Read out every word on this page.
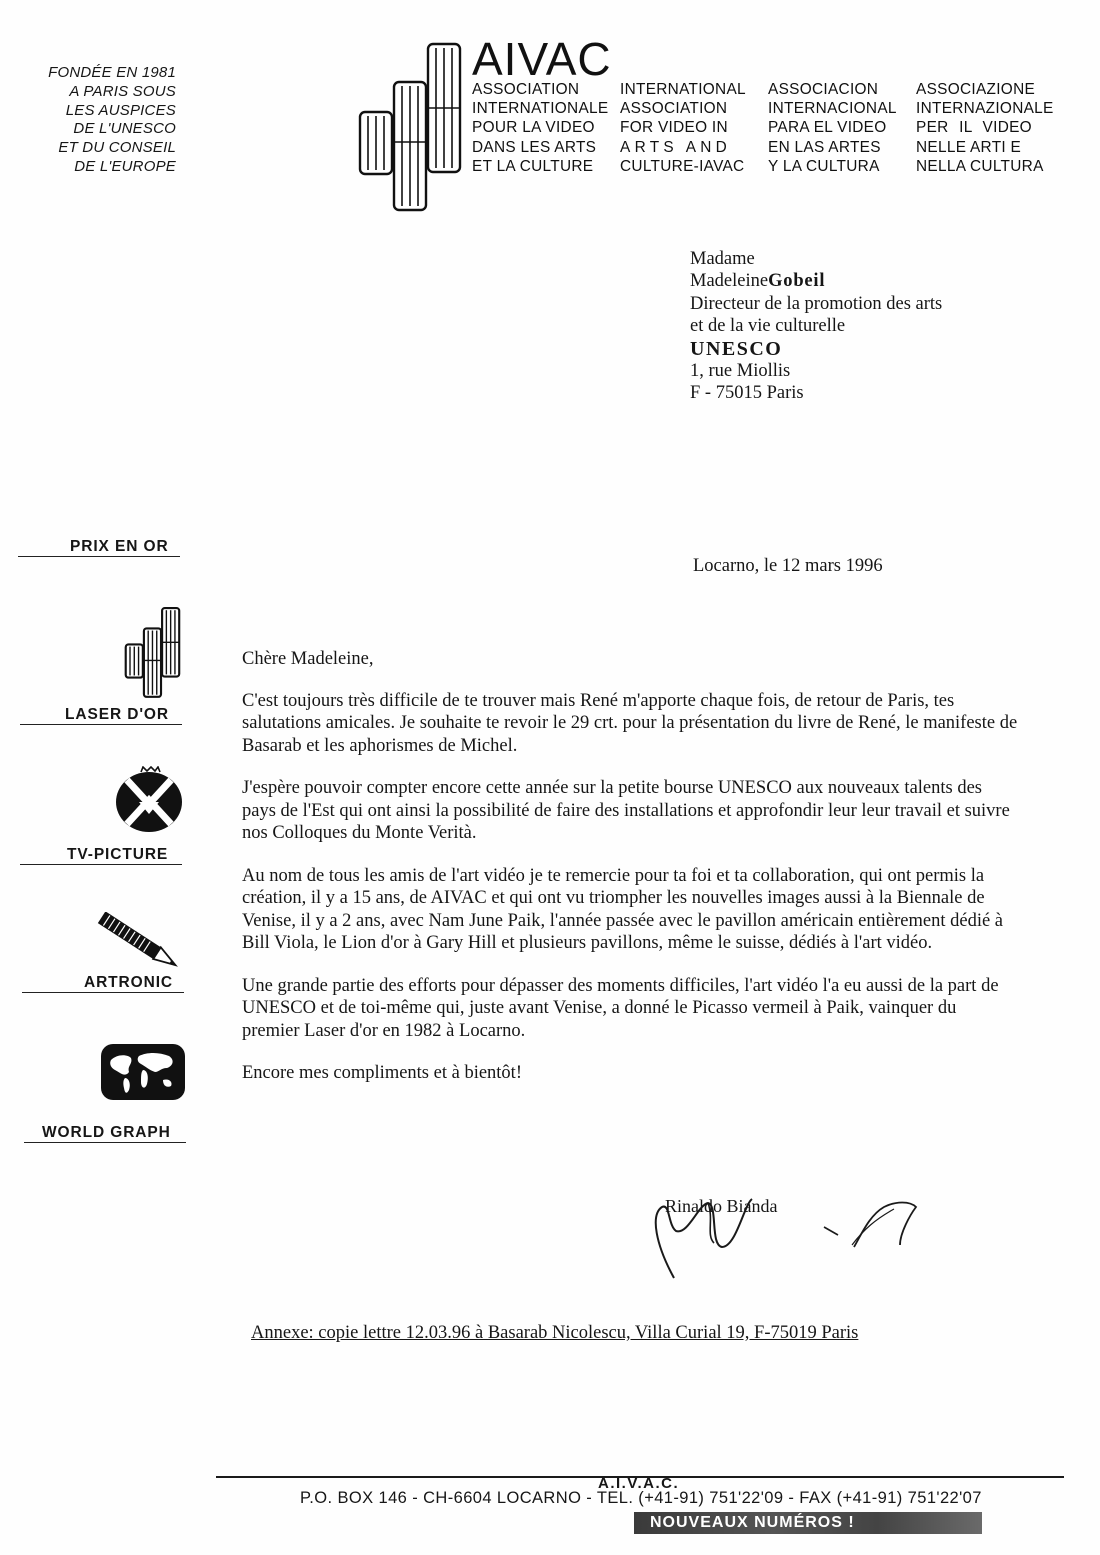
FONDÉE EN 1981
A PARIS SOUS
LES AUSPICES
DE L'UNESCO
ET DU CONSEIL
DE L'EUROPE
AIVAC
ASSOCIATION
INTERNATIONALE
POUR LA VIDEO
DANS LES ARTS
ET LA CULTURE
INTERNATIONAL
ASSOCIATION
FOR VIDEO IN
ARTS AND
CULTURE-IAVAC
ASSOCIACION
INTERNACIONAL
PARA EL VIDEO
EN LAS ARTES
Y LA CULTURA
ASSOCIAZIONE
INTERNAZIONALE
PER IL VIDEO
NELLE ARTI E
NELLA CULTURA
Madame
MadeleineGobeil
Directeur de la promotion des arts
et de la vie culturelle
UNESCO
1, rue Miollis
F - 75015 Paris
PRIX EN OR
LASER D'OR
TV-PICTURE
ARTRONIC
WORLD GRAPH
Locarno, le 12 mars 1996

Chère Madeleine,

C'est toujours très difficile de te trouver mais René m'apporte chaque fois, de retour de Paris, tes salutations amicales. Je souhaite te revoir le 29 crt. pour la présentation du livre de René, le manifeste de Basarab et les aphorismes de Michel.

J'espère pouvoir compter encore cette année sur la petite bourse UNESCO aux nouveaux talents des pays de l'Est qui ont ainsi la possibilité de faire des installations et approfondir leur leur travail et suivre nos Colloques du Monte Verità.

Au nom de tous les amis de l'art vidéo je te remercie pour ta foi et ta collaboration, qui ont permis la création, il y a 15 ans, de AIVAC et qui ont vu triompher les nouvelles images aussi à la Biennale de Venise, il y a 2 ans, avec Nam June Paik, l'année passée avec le pavillon américain entièrement dédié à Bill Viola, le Lion d'or à Gary Hill et plusieurs pavillons, même le suisse, dédiés à l'art vidéo.

Une grande partie des efforts pour dépasser des moments difficiles, l'art vidéo l'a eu aussi de la part de UNESCO et de toi-même qui, juste avant Venise, a donné le Picasso vermeil à Paik, vainquer du premier Laser d'or en 1982 à Locarno.

Encore mes compliments et à bientôt!

Rinaldo Bianda
Annexe: copie lettre 12.03.96 à Basarab Nicolescu, Villa Curial 19, F-75019 Paris
A.I.V.A.C.
P.O. BOX 146 - CH-6604 LOCARNO - TEL. (+41-91) 751'22'09 - FAX (+41-91) 751'22'07
NOUVEAUX NUMÉROS !
